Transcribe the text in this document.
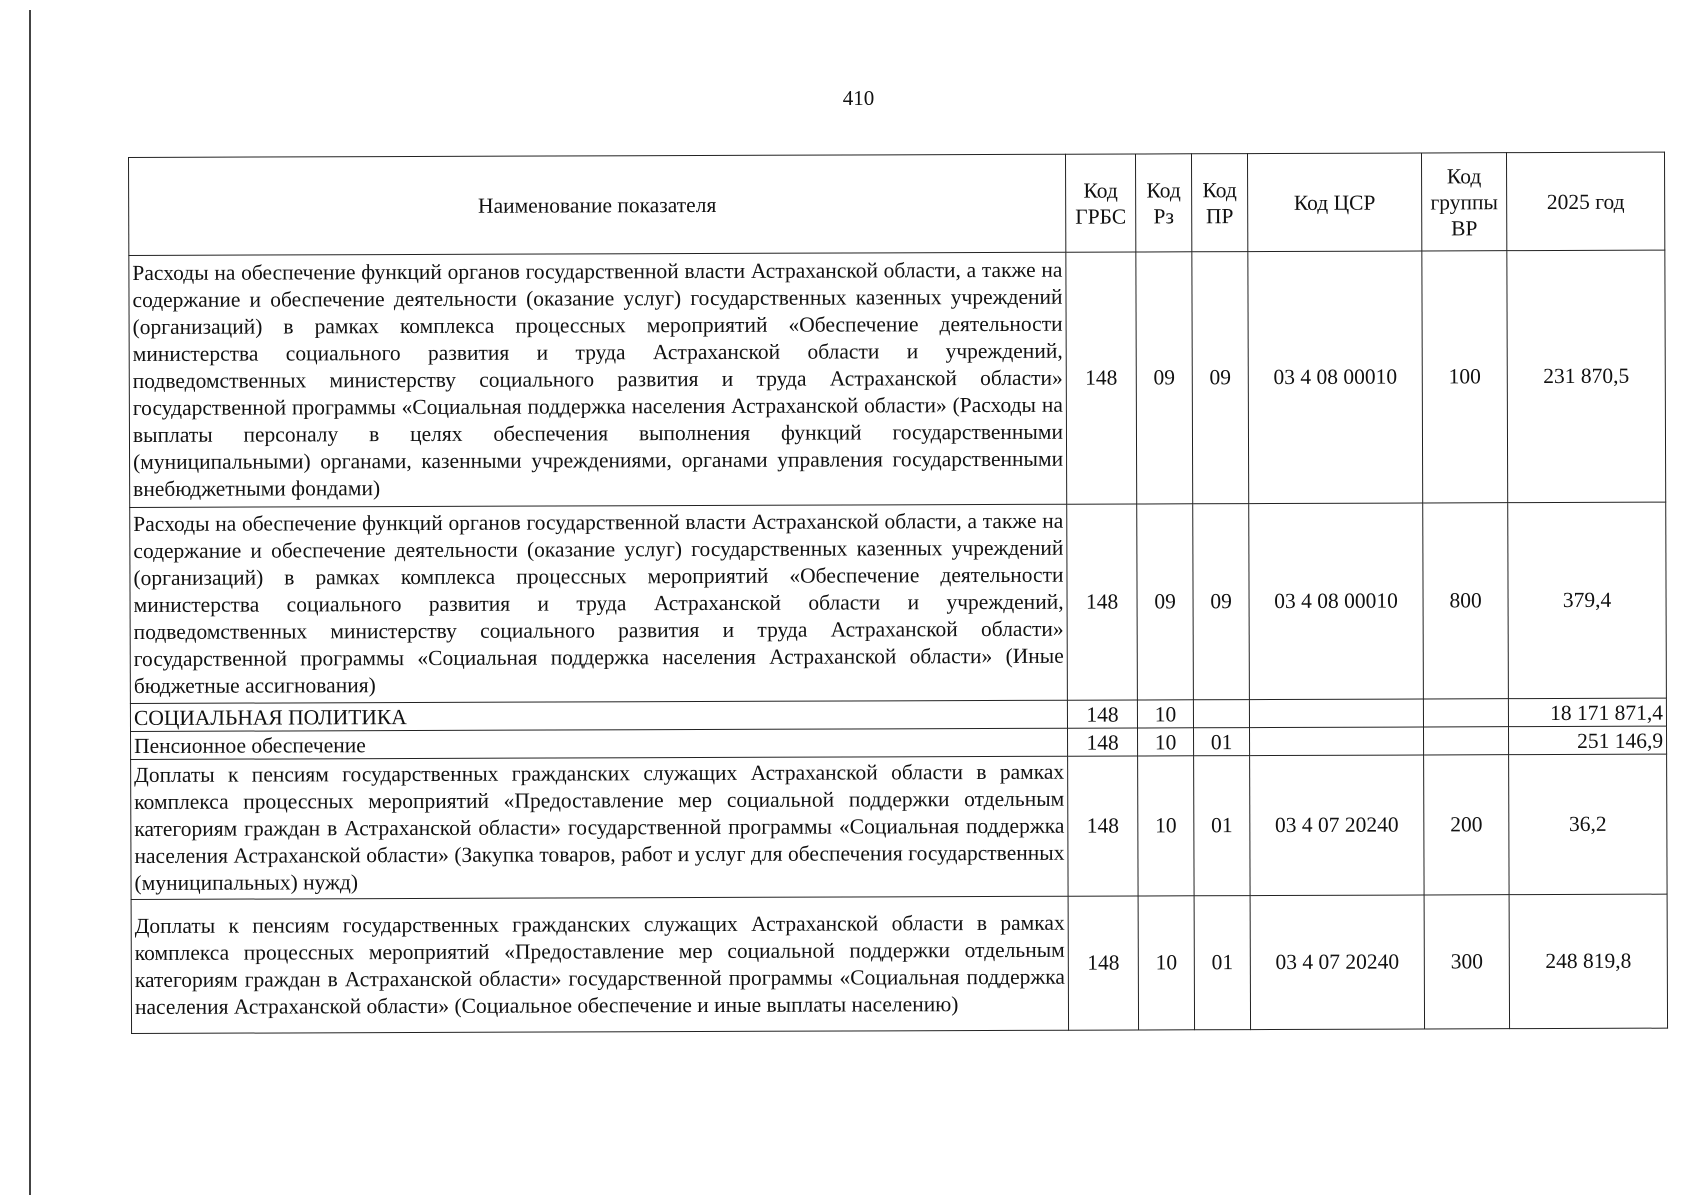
410
Наименование показателя	Код ГРБС	Код Рз	Код ПР	Код ЦСР	Код группы ВР	2025 год
Расходы на обеспечение функций органов государственной власти Астраханской области, а также на содержание и обеспечение деятельности (оказание услуг) государственных казенных учреждений (организаций) в рамках комплекса процессных мероприятий «Обеспечение деятельности министерства социального развития и труда Астраханской области и учреждений, подведомственных министерству социального развития и труда Астраханской области» государственной программы «Социальная поддержка населения Астраханской области» (Расходы на выплаты персоналу в целях обеспечения выполнения функций государственными (муниципальными) органами, казенными учреждениями, органами управления государственными внебюджетными фондами)	148	09	09	03 4 08 00010	100	231 870,5
Расходы на обеспечение функций органов государственной власти Астраханской области, а также на содержание и обеспечение деятельности (оказание услуг) государственных казенных учреждений (организаций) в рамках комплекса процессных мероприятий «Обеспечение деятельности министерства социального развития и труда Астраханской области и учреждений, подведомственных министерству социального развития и труда Астраханской области» государственной программы «Социальная поддержка населения Астраханской области» (Иные бюджетные ассигнования)	148	09	09	03 4 08 00010	800	379,4
СОЦИАЛЬНАЯ ПОЛИТИКА	148	10				18 171 871,4
Пенсионное обеспечение	148	10	01			251 146,9
Доплаты к пенсиям государственных гражданских служащих Астраханской области в рамках комплекса процессных мероприятий «Предоставление мер социальной поддержки отдельным категориям граждан в Астраханской области» государственной программы «Социальная поддержка населения Астраханской области» (Закупка товаров, работ и услуг для обеспечения государственных (муниципальных) нужд)	148	10	01	03 4 07 20240	200	36,2
Доплаты к пенсиям государственных гражданских служащих Астраханской области в рамках комплекса процессных мероприятий «Предоставление мер социальной поддержки отдельным категориям граждан в Астраханской области» государственной программы «Социальная поддержка населения Астраханской области» (Социальное обеспечение и иные выплаты населению)	148	10	01	03 4 07 20240	300	248 819,8
